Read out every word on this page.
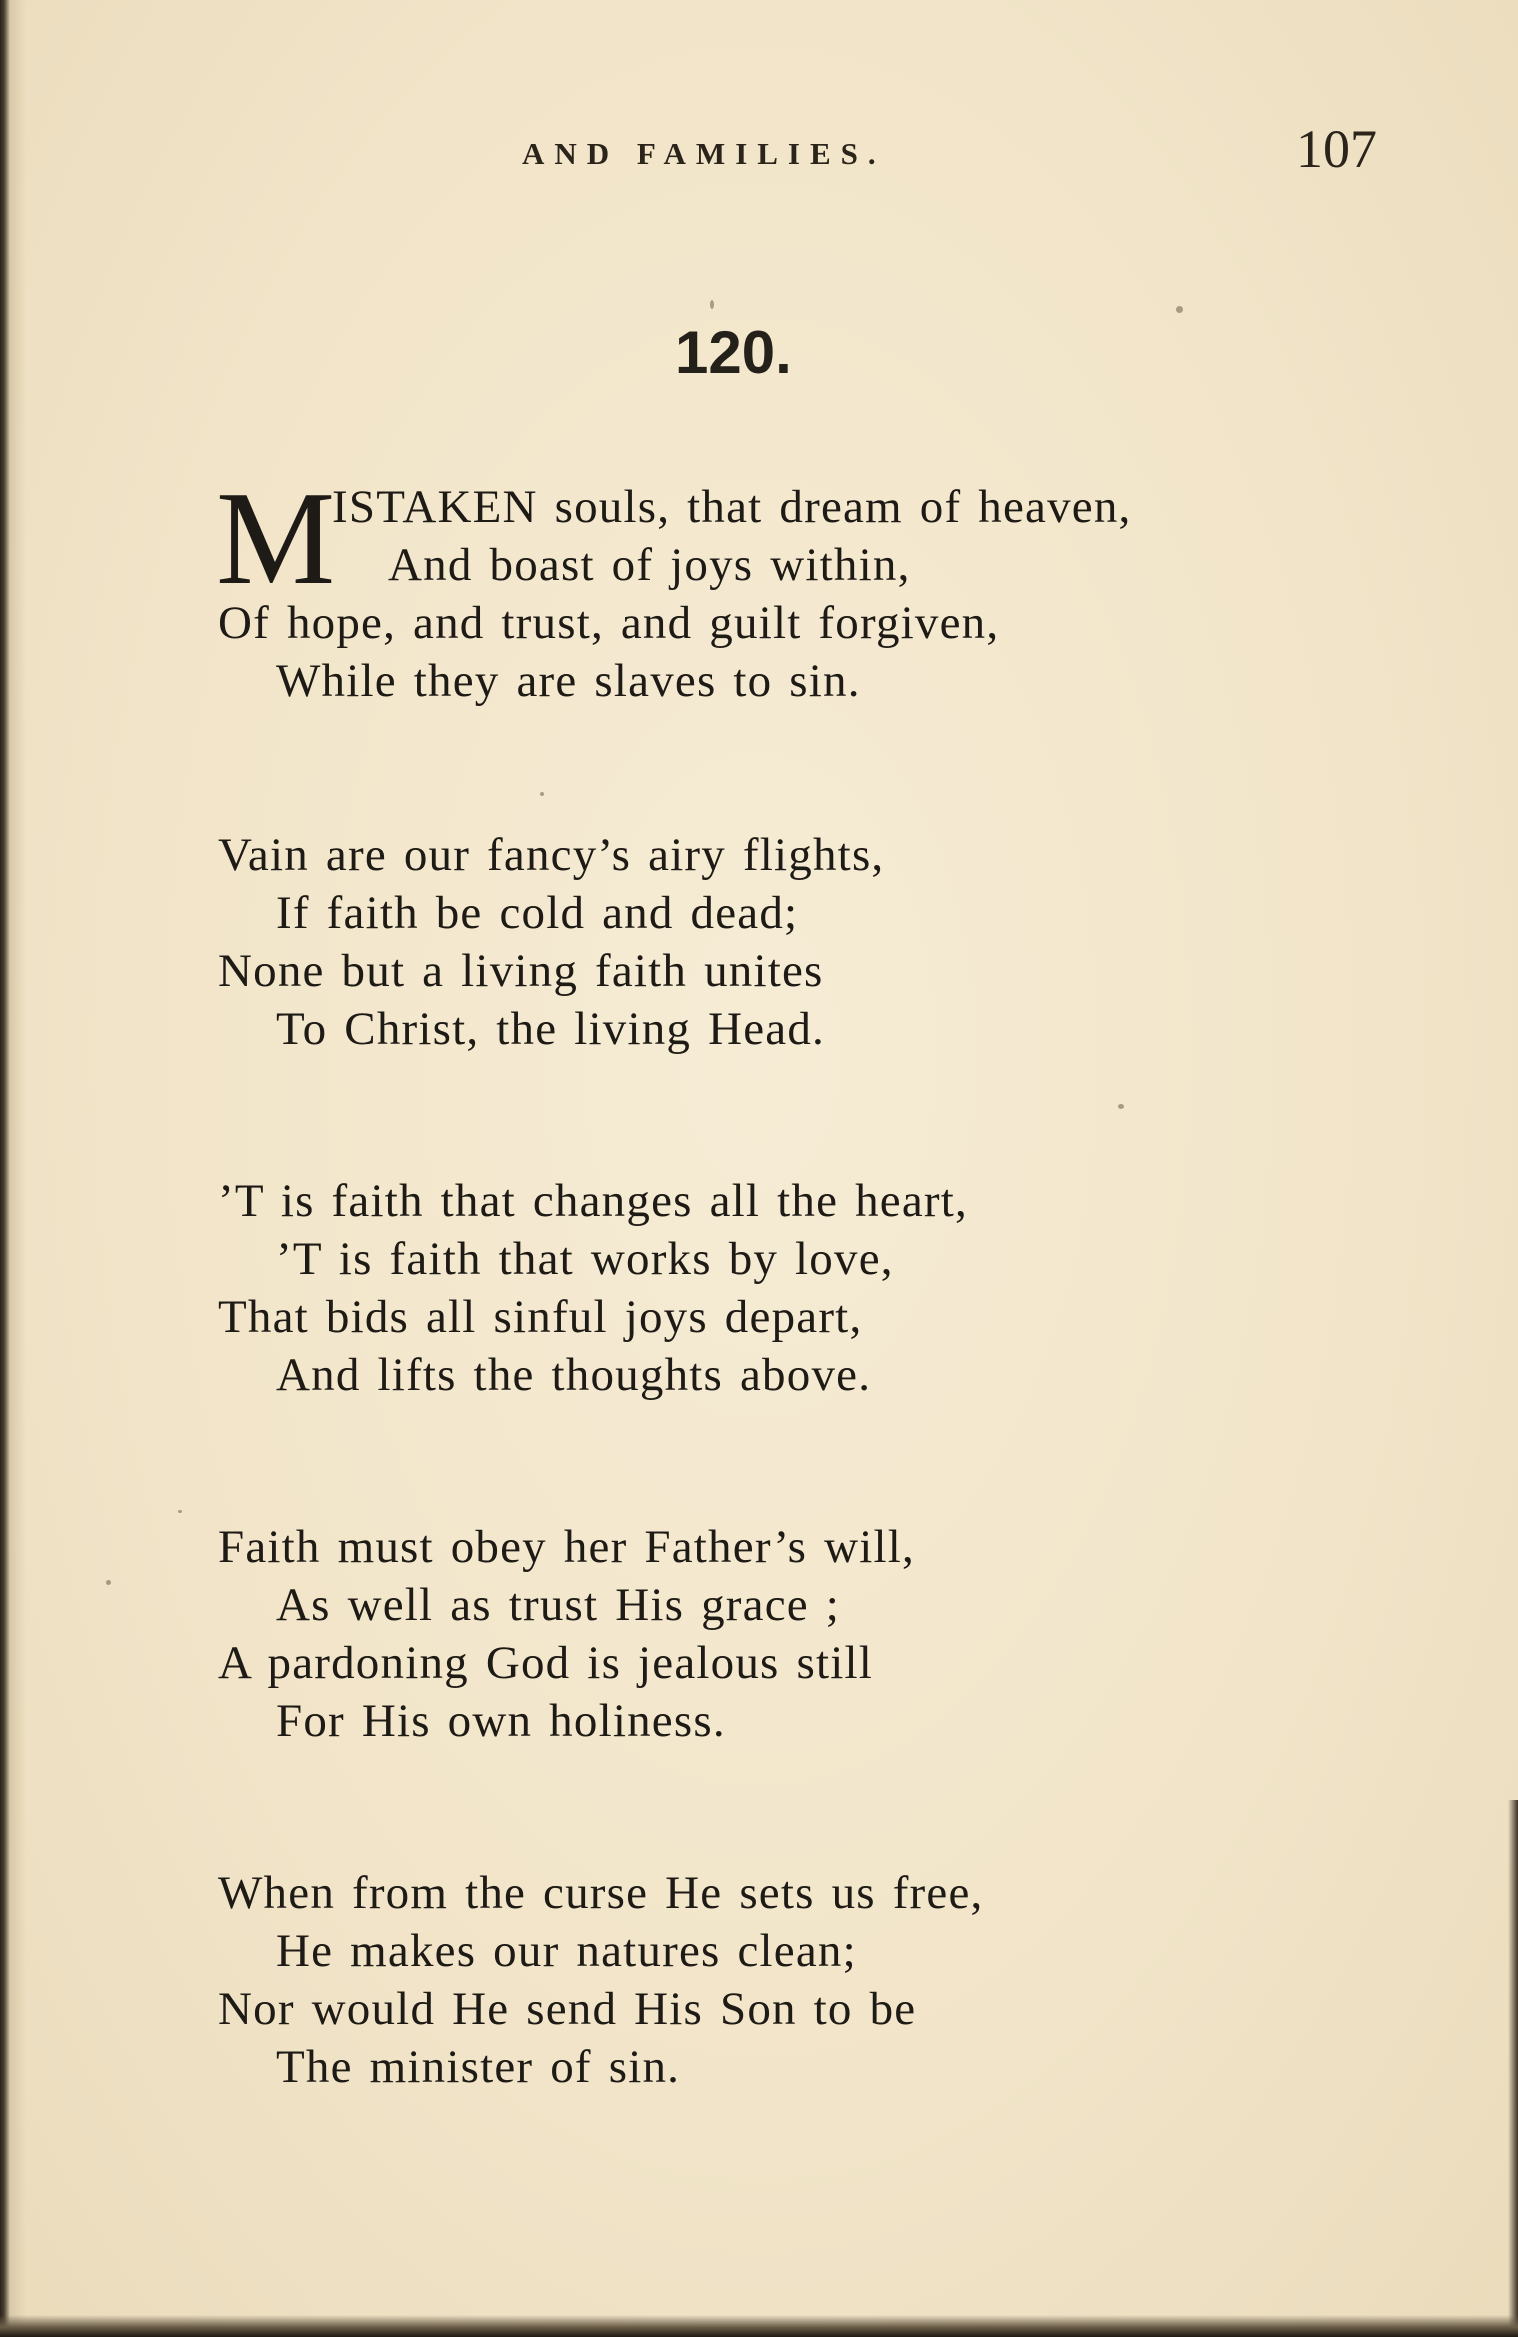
AND FAMILIES.	107
120.
M
ISTAKEN souls, that dream of heaven,
And boast of joys within,
Of hope, and trust, and guilt forgiven,
While they are slaves to sin.
Vain are our fancy’s airy flights,
If faith be cold and dead;
None but a living faith unites
To Christ, the living Head.
’T is faith that changes all the heart,
’T is faith that works by love,
That bids all sinful joys depart,
And lifts the thoughts above.
Faith must obey her Father’s will,
As well as trust His grace ;
A pardoning God is jealous still
For His own holiness.
When from the curse He sets us free,
He makes our natures clean;
Nor would He send His Son to be
The minister of sin.
